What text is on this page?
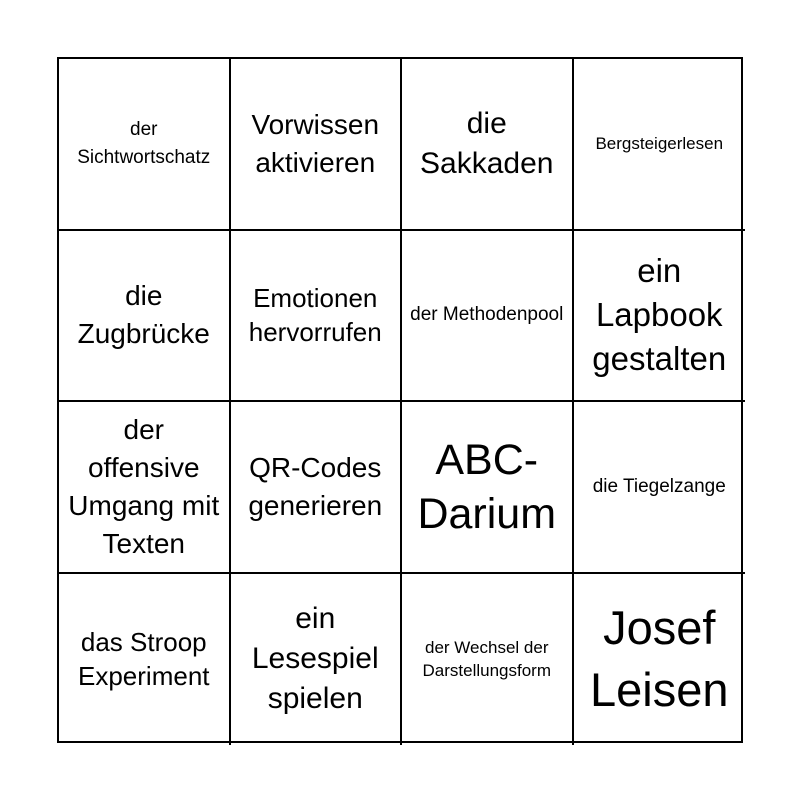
der Sichtwortschatz
Vorwissen aktivieren
die Sakkaden
Bergsteigerlesen
die Zugbrücke
Emotionen hervorrufen
der Methodenpool
ein Lapbook gestalten
der offensive Umgang mit Texten
QR-Codes generieren
ABC-Darium
die Tiegelzange
das Stroop Experiment
ein Lesespiel spielen
der Wechsel der Darstellungsform
Josef Leisen
